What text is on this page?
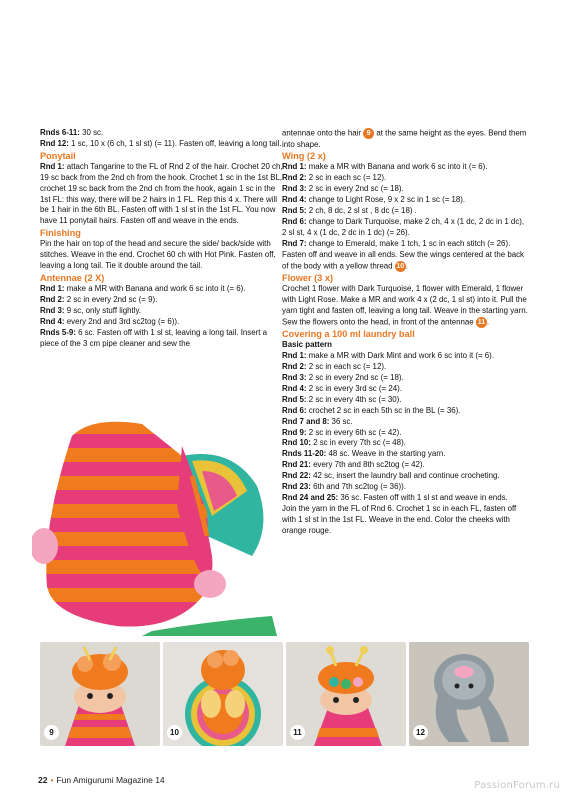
Rnds 6-11: 30 sc.

Rnd 12: 1 sc, 10 x (6 ch, 1 sl st) (= 11). Fasten off, leaving a long tail.

Ponytail

Rnd 1: attach Tangarine to the FL of Rnd 2 of the hair. Crochet 20 ch, 19 sc back from the 2nd ch from the hook. Crochet 1 sc in the 1st BL, crochet 19 sc back from the 2nd ch from the hook, again 1 sc in the 1st FL: this way, there will be 2 hairs in 1 FL. Rep this 4 x. There will be 1 hair in the 6th BL. Fasten off with 1 sl st in the 1st FL. You now have 11 ponytail hairs. Fasten off and weave in the ends.

Finishing

Pin the hair on top of the head and secure the side/ back/side with stitches. Weave in the end. Crochet 60 ch with Hot Pink. Fasten off, leaving a long tail. Tie it double around the tail.

Antennae (2 X)

Rnd 1: make a MR with Banana and work 6 sc into it (= 6).

Rnd 2: 2 sc in every 2nd sc (= 9).

Rnd 3: 9 sc, only stuff lightly.

Rnd 4: every 2nd and 3rd sc2tog (= 6)).

Rnds 5-9: 6 sc. Fasten off with 1 sl st, leaving a long tail. Insert a piece of the 3 cm pipe cleaner and sew the

antennae onto the hair 9 at the same height as the eyes. Bend them into shape.

Wing (2 x)

Rnd 1: make a MR with Banana and work 6 sc into it (= 6).

Rnd 2: 2 sc in each sc (= 12).

Rnd 3: 2 sc in every 2nd sc (= 18).

Rnd 4: change to Light Rose, 9 x 2 sc in 1 sc (= 18).

Rnd 5: 2 ch, 8 dc, 2 sl st , 8 dc (= 18) .

Rnd 6: change to Dark Turquoise, make 2 ch, 4 x (1 dc, 2 dc in 1 dc), 2 sl st, 4 x (1 dc, 2 dc in 1 dc) (= 26).

Rnd 7: change to Emerald, make 1 tch, 1 sc in each stitch (= 26).

Fasten off and weave in all ends. Sew the wings centered at the back of the body with a yellow thread 10 .

Flower (3 x)

Crochet 1 flower with Dark Turquoise, 1 flower with Emerald, 1 flower with Light Rose. Make a MR and work 4 x (2 dc, 1 sl st) into it. Pull the yarn tight and fasten off, leaving a long tail. Weave in the starting yarn. Sew the flowers onto the head, in front of the antennae 11 .

Covering a 100 ml laundry ball

Basic pattern

Rnd 1: make a MR with Dark Mint and work 6 sc into it (= 6).

Rnd 2: 2 sc in each sc (= 12).

Rnd 3: 2 sc in every 2nd sc (= 18).

Rnd 4: 2 sc in every 3rd sc (= 24).

Rnd 5: 2 sc in every 4th sc (= 30).

Rnd 6: crochet 2 sc in each 5th sc in the BL (= 36).

Rnd 7 and 8: 36 sc.

Rnd 9: 2 sc in every 6th sc (= 42).

Rnd 10: 2 sc in every 7th sc (= 48).

Rnds 11-20: 48 sc. Weave in the starting yarn.

Rnd 21: every 7th and 8th sc2tog (= 42).

Rnd 22: 42 sc, insert the laundry ball and continue crocheting.

Rnd 23: 6th and 7th sc2tog (= 36)).

Rnd 24 and 25: 36 sc. Fasten off with 1 sl st and weave in ends.

Join the yarn in the FL of Rnd 6. Crochet 1 sc in each FL, fasten off with 1 sl st in the 1st FL. Weave in the end. Color the cheeks with orange rouge.

9	10	11	12
22 • Fun Amigurumi Magazine 14	PassionForum.ru
